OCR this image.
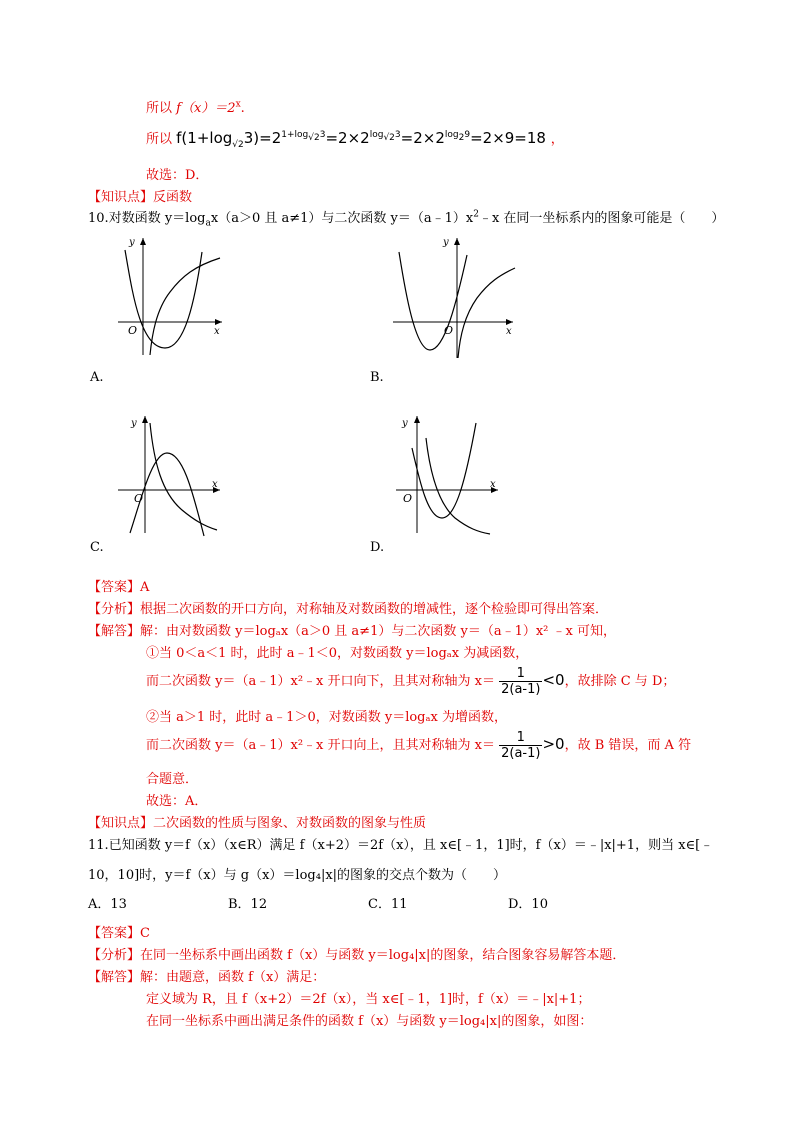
所以 $f(x)=2^x$.
所以 $f(1+\log_{√2}3)=2^{1+log_{√2}3}=2\times 2^{log_{√2}3}=2\times 2^{log_29}=2\times 9=18$ ，
故选：D．
【知识点】反函数
10.对数函数 $y=\log_ax(a>0$ 且 a≠1）与二次函数 $y=(a﹣1)x^2﹣x$ 在同一坐标系内的图象可能是（　　）
y
x
O
A.
y
x
O
B.
y
x
O
C.
y
x
O
D.
【答案】A
【分析】根据二次函数的开口方向，对称轴及对数函数的增减性，逐个检验即可得出答案．
【解答】解：由对数函数 y＝logₐx（a＞0 且 a≠1）与二次函数 y＝（a﹣1）x² ﹣x 可知，
①当 0＜a＜1 时，此时 a﹣1＜0，对数函数 y＝logₐx 为减函数，
而二次函数 y＝（a﹣1）x²﹣x 开口向下，且其对称轴为 $x= \frac{1}{2(a-1)} <0$，故排除 C 与 D；
②当 a＞1 时，此时 a﹣1＞0，对数函数 y＝logₐx 为增函数，
而二次函数 y＝（a﹣1）x²﹣x 开口向上，且其对称轴为 $x= \frac{1}{2(a-1)} >0$，故 B 错误，而 A 符
合题意．
故选：A．
【知识点】二次函数的性质与图象、对数函数的图象与性质
11.已知函数 y＝f（x）（x∈R）满足 f（x+2）＝2f（x），且 x∈[﹣1，1]时，f（x）＝﹣|x|+1，则当 x∈[﹣
10，10]时，y＝f（x）与 g（x）＝log₄|x|的图象的交点个数为（　　）
A．13	B．12	C．11	D．10
【答案】C
【分析】在同一坐标系中画出函数 f（x）与函数 y＝log₄|x|的图象，结合图象容易解答本题．
【解答】解：由题意，函数 f（x）满足：
定义域为 R，且 f（x+2）＝2f（x），当 x∈[﹣1，1]时，f（x）＝﹣|x|+1；
在同一坐标系中画出满足条件的函数 f（x）与函数 y＝log₄|x|的图象，如图：
